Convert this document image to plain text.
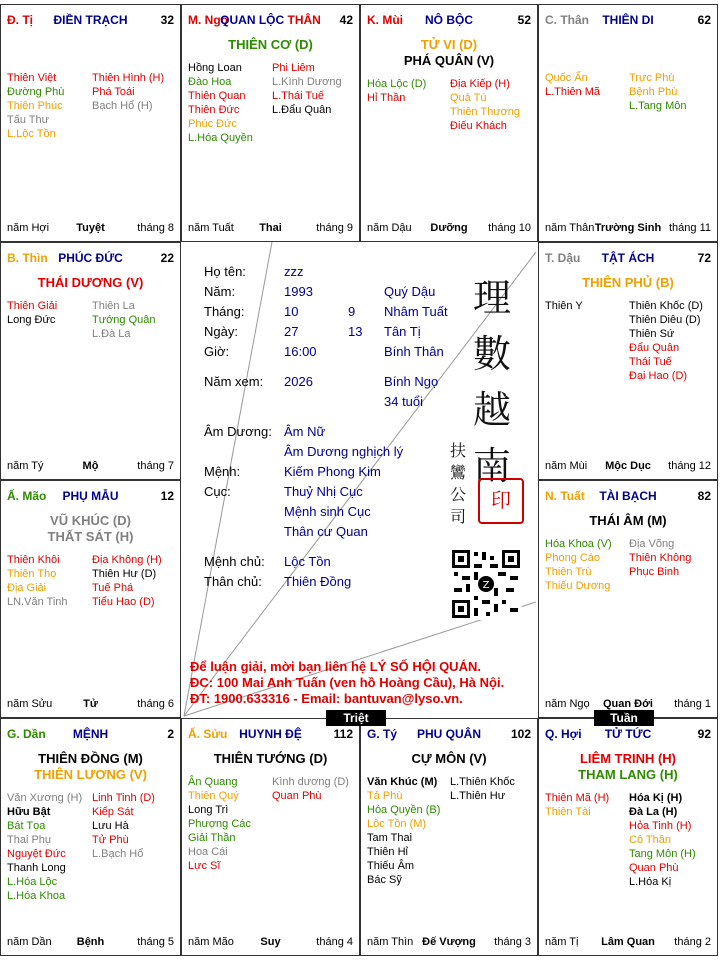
Đ. Tị	ĐIỀN TRẠCH	32
Thiên Việt
Đường Phù
Thiên Phúc
Tấu Thư
L.Lộc Tồn
Thiên Hình (H)
Phá Toái
Bạch Hổ (H)
năm Hợi	Tuyệt	tháng 8
M. Ngọ
QUAN LỘC THÂN	42
THIÊN CƠ (D)
Hồng Loan
Đào Hoa
Thiên Quan
Thiên Đức
Phúc Đức
L.Hóa Quyền
Phi Liêm
L.Kình Dương
L.Thái Tuế
L.Đẩu Quân
năm Tuất	Thai	tháng 9
K. Mùi	NÔ BỘC	52
TỬ VI (D)
PHÁ QUÂN (V)
Hóa Lộc (D)
Hỉ Thần
Địa Kiếp (H)
Quả Tú
Thiên Thương
Điếu Khách
năm Dậu	Dưỡng	tháng 10
C. Thân	THIÊN DI	62
Quốc Ấn
L.Thiên Mã
Trực Phù
Bệnh Phù
L.Tang Môn
năm Thân Trường Sinh tháng 11
B. Thìn PHÚC ĐỨC	22
THÁI DƯƠNG (V)
Thiên Giải
Long Đức
Thiên La
Tướng Quân
L.Đà La
năm Tý	Mộ	tháng 7
T. Dậu	TẬT ÁCH	72
THIÊN PHỦ (B)
Thiên Y	Thiên Khốc (D)
Thiên Diêu (D)
Thiên Sứ
Đẩu Quân
Thái Tuế
Đại Hao (D)
năm Mùi	Mộc Dục	tháng 12
Ấ. Mão	PHỤ MẪU	12
VŨ KHÚC (D)
THẤT SÁT (H)
Thiên Khôi
Thiên Thọ
Địa Giải
LN.Văn Tinh
Địa Không (H)
Thiên Hư (D)
Tuế Phá
Tiểu Hao (D)
năm Sửu	Tử	tháng 6
N. Tuất	TÀI BẠCH	82
THÁI ÂM (M)
Hóa Khoa (V)
Phong Cáo
Thiên Trù
Thiếu Dương
Địa Võng
Thiên Không
Phục Binh
năm Ngọ	Quan Đới	tháng 1
G. Dần	MỆNH	2
THIÊN ĐỒNG (M)
THIÊN LƯƠNG (V)
Văn Xương (H)
Hữu Bật
Bát Tọa
Thai Phụ
Nguyệt Đức
Thanh Long
L.Hóa Lộc
L.Hóa Khoa
Linh Tinh (D)
Kiếp Sát
Lưu Hà
Tử Phù
L.Bạch Hổ
năm Dần	Bệnh	tháng 5
Ấ. Sửu HUYNH ĐỆ	112
THIÊN TƯỚNG (D)
Ân Quang
Thiên Quý
Long Trì
Phượng Các
Giải Thần
Hoa Cái
Lực Sĩ
Kình dương (D)
Quan Phù
năm Mão	Suy	tháng 4
G. Tý	PHU QUÂN	102
CỰ MÔN (V)
Văn Khúc (M)
Tả Phù
Hóa Quyền (B)
Lộc Tồn (M)
Tam Thai
Thiên Hỉ
Thiếu Âm
Bác Sỹ
L.Thiên Khốc
L.Thiên Hư
năm Thìn Đế Vượng	tháng 3
Q. Hợi	TỬ TỨC	92
LIÊM TRINH (H)
THAM LANG (H)
Thiên Mã (H)
Thiên Tài
Hóa Kị (H)
Đà La (H)
Hỏa Tinh (H)
Cô Thần
Tang Môn (H)
Quan Phù
L.Hóa Kị
năm Tị	Lâm Quan	tháng 2
Họ tên:	zzz
Năm:	1993	Quý Dậu
Tháng:	10	9 Nhâm Tuất
Ngày:	27	13 Tân Tị
Giờ:	16:00	Bính Thân
Năm xem: 2026	Bính Ngọ
34 tuổi
Âm Dương: Âm Nữ
Âm Dương nghịch lý
Mệnh:	Kiếm Phong Kim
Cục:	Thuỷ Nhị Cục
Mệnh sinh Cục
Thân cư Quan
Mệnh chủ: Lộc Tồn
Thân chủ: Thiên Đồng
理
數
越
南
扶
鸞
公
司
印
Z
Để luận giải, mời bạn liên hệ LÝ SỐ HỘI QUÁN.
ĐC: 100 Mai Anh Tuấn (ven hồ Hoàng Cầu), Hà Nội.
ĐT: 1900.633316 - Email: bantuvan@lyso.vn.
Triệt	Tuần
